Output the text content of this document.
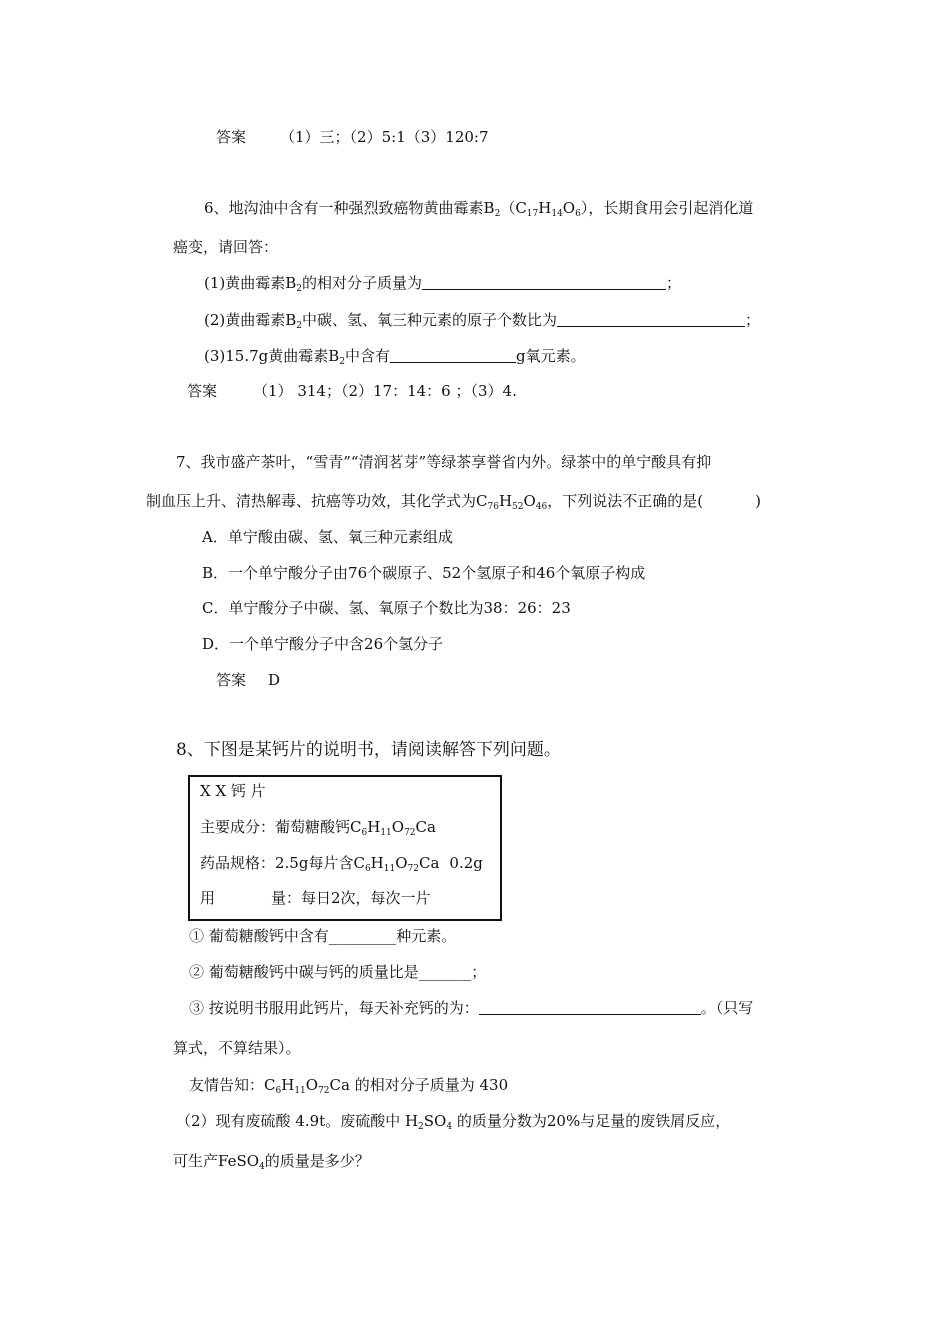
答案 （1）三；（2）5:1（3）120:7
6、地沟油中含有一种强烈致癌物黄曲霉素$B_2(C_{17}H_{14}O_6)$，长期食用会引起消化道
癌变，请回答：
(1)黄曲霉素$B_2$的相对分子质量为	；
(2)黄曲霉素$B_2$中碳、氢、氧三种元素的原子个数比为	；
(3)15.7g黄曲霉素$B_2$中含有	g氧元素。
答案 （1） 314；（2）17：14：6 ；（3）4.
7、我市盛产茶叶，“雪青”“清润茗芽”等绿茶享誉省内外。绿茶中的单宁酸具有抑
制血压上升、清热解毒、抗癌等功效，其化学式为$C_{76}H_{52}O_{46}$，下列说法不正确的是(	)
A．单宁酸由碳、氢、氧三种元素组成
B．一个单宁酸分子由76个碳原子、52个氢原子和46个氧原子构成
C．单宁酸分子中碳、氢、氧原子个数比为38：26：23
D．一个单宁酸分子中含26个氢分子
答案 D
8、下图是某钙片的说明书，请阅读解答下列问题。
X X 钙 片
主要成分：葡萄糖酸钙$C_6H_{11}O_{72}Ca$
药品规格：2.5g每片含$C_6H_{11}O_{72}Ca$ 0.2g
用	量：每日2次，每次一片
① 葡萄糖酸钙中含有_________种元素。
② 葡萄糖酸钙中碳与钙的质量比是_______；
③ 按说明书服用此钙片，每天补充钙的为：	。（只写
算式，不算结果）。
友情告知：$C_6H_{11}O_{72}Ca$ 的相对分子质量为 430
（2）现有废硫酸 4.9t。废硫酸中 $H_2SO_4$ 的质量分数为20%与足量的废铁屑反应，
可生产FeSO$_4$的质量是多少？
